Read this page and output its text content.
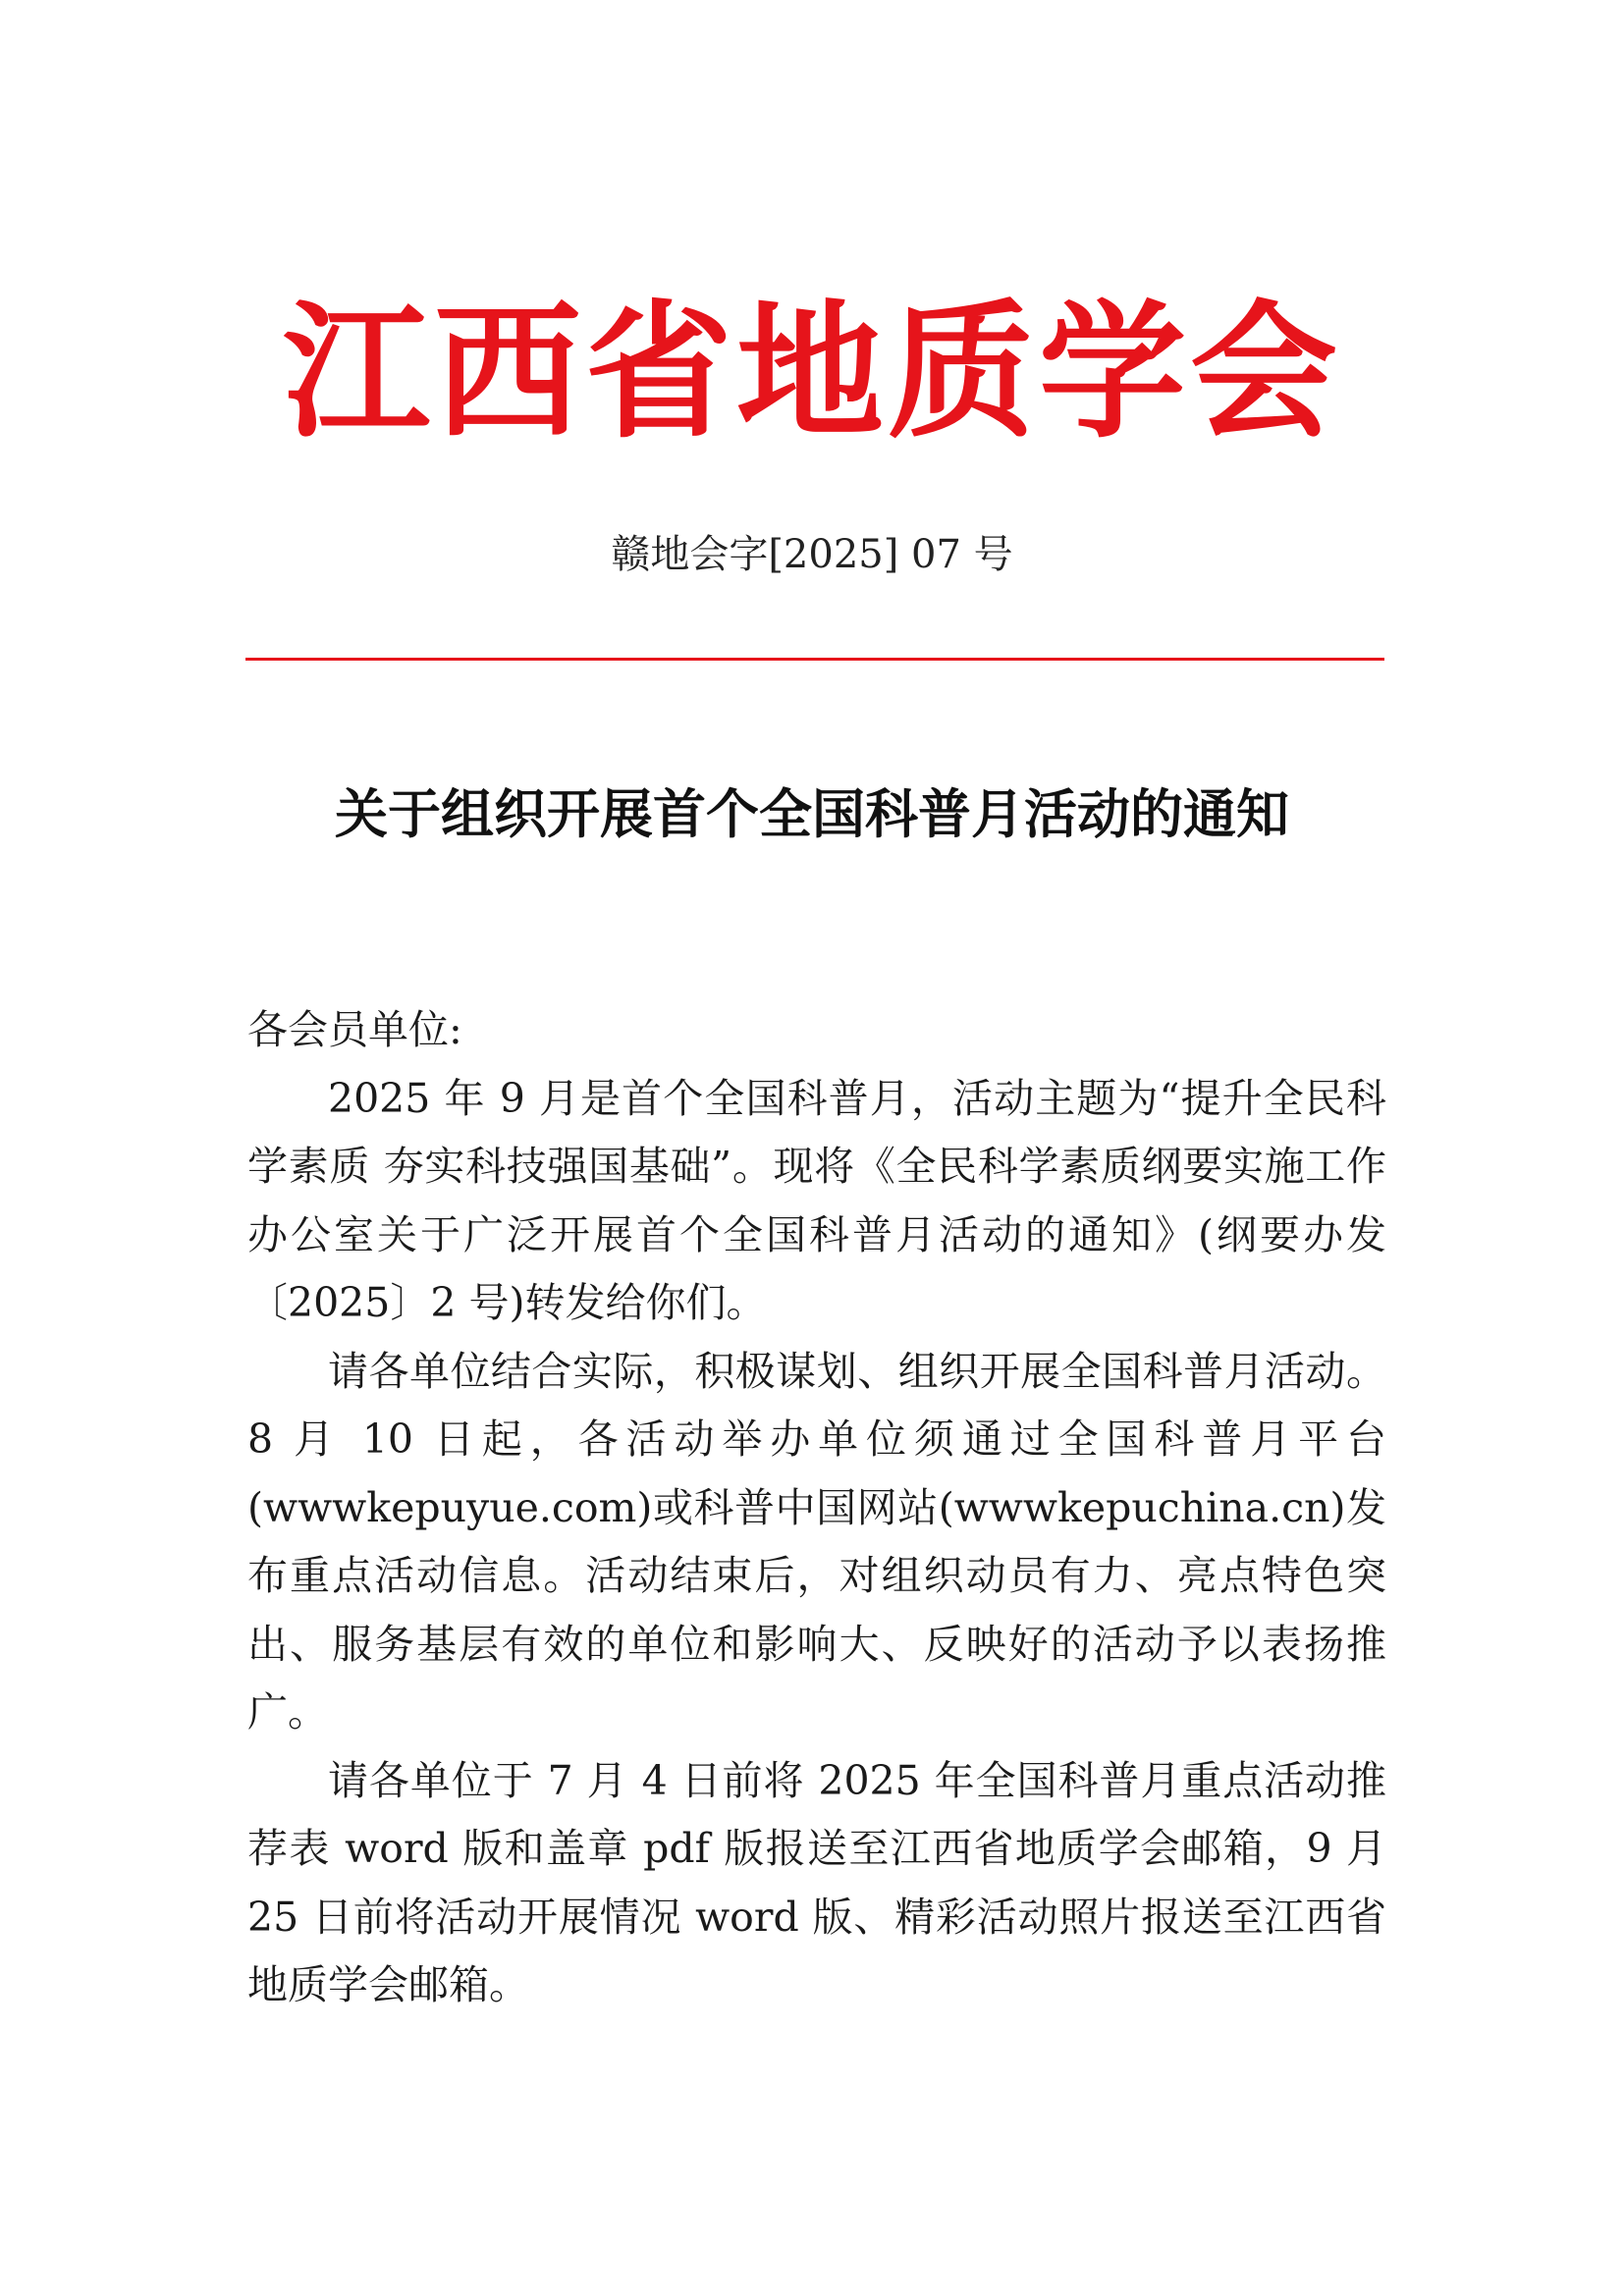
江西省地质学会
赣地会字[2025] 07 号
关于组织开展首个全国科普月活动的通知

各会员单位:

2025 年 9 月是首个全国科普月，活动主题为“提升全民科学素质 夯实科技强国基础”。现将《全民科学素质纲要实施工作办公室关于广泛开展首个全国科普月活动的通知》(纲要办发〔2025〕2 号)转发给你们。

请各单位结合实际，积极谋划、组织开展全国科普月活动。8 月 10 日起，各活动举办单位须通过全国科普月平台(wwwkepuyue.com)或科普中国网站(wwwkepuchina.cn)发布重点活动信息。活动结束后，对组织动员有力、亮点特色突出、服务基层有效的单位和影响大、反映好的活动予以表扬推广。

请各单位于 7 月 4 日前将 2025 年全国科普月重点活动推荐表 word 版和盖章 pdf 版报送至江西省地质学会邮箱，9 月 25 日前将活动开展情况 word 版、精彩活动照片报送至江西省地质学会邮箱。
